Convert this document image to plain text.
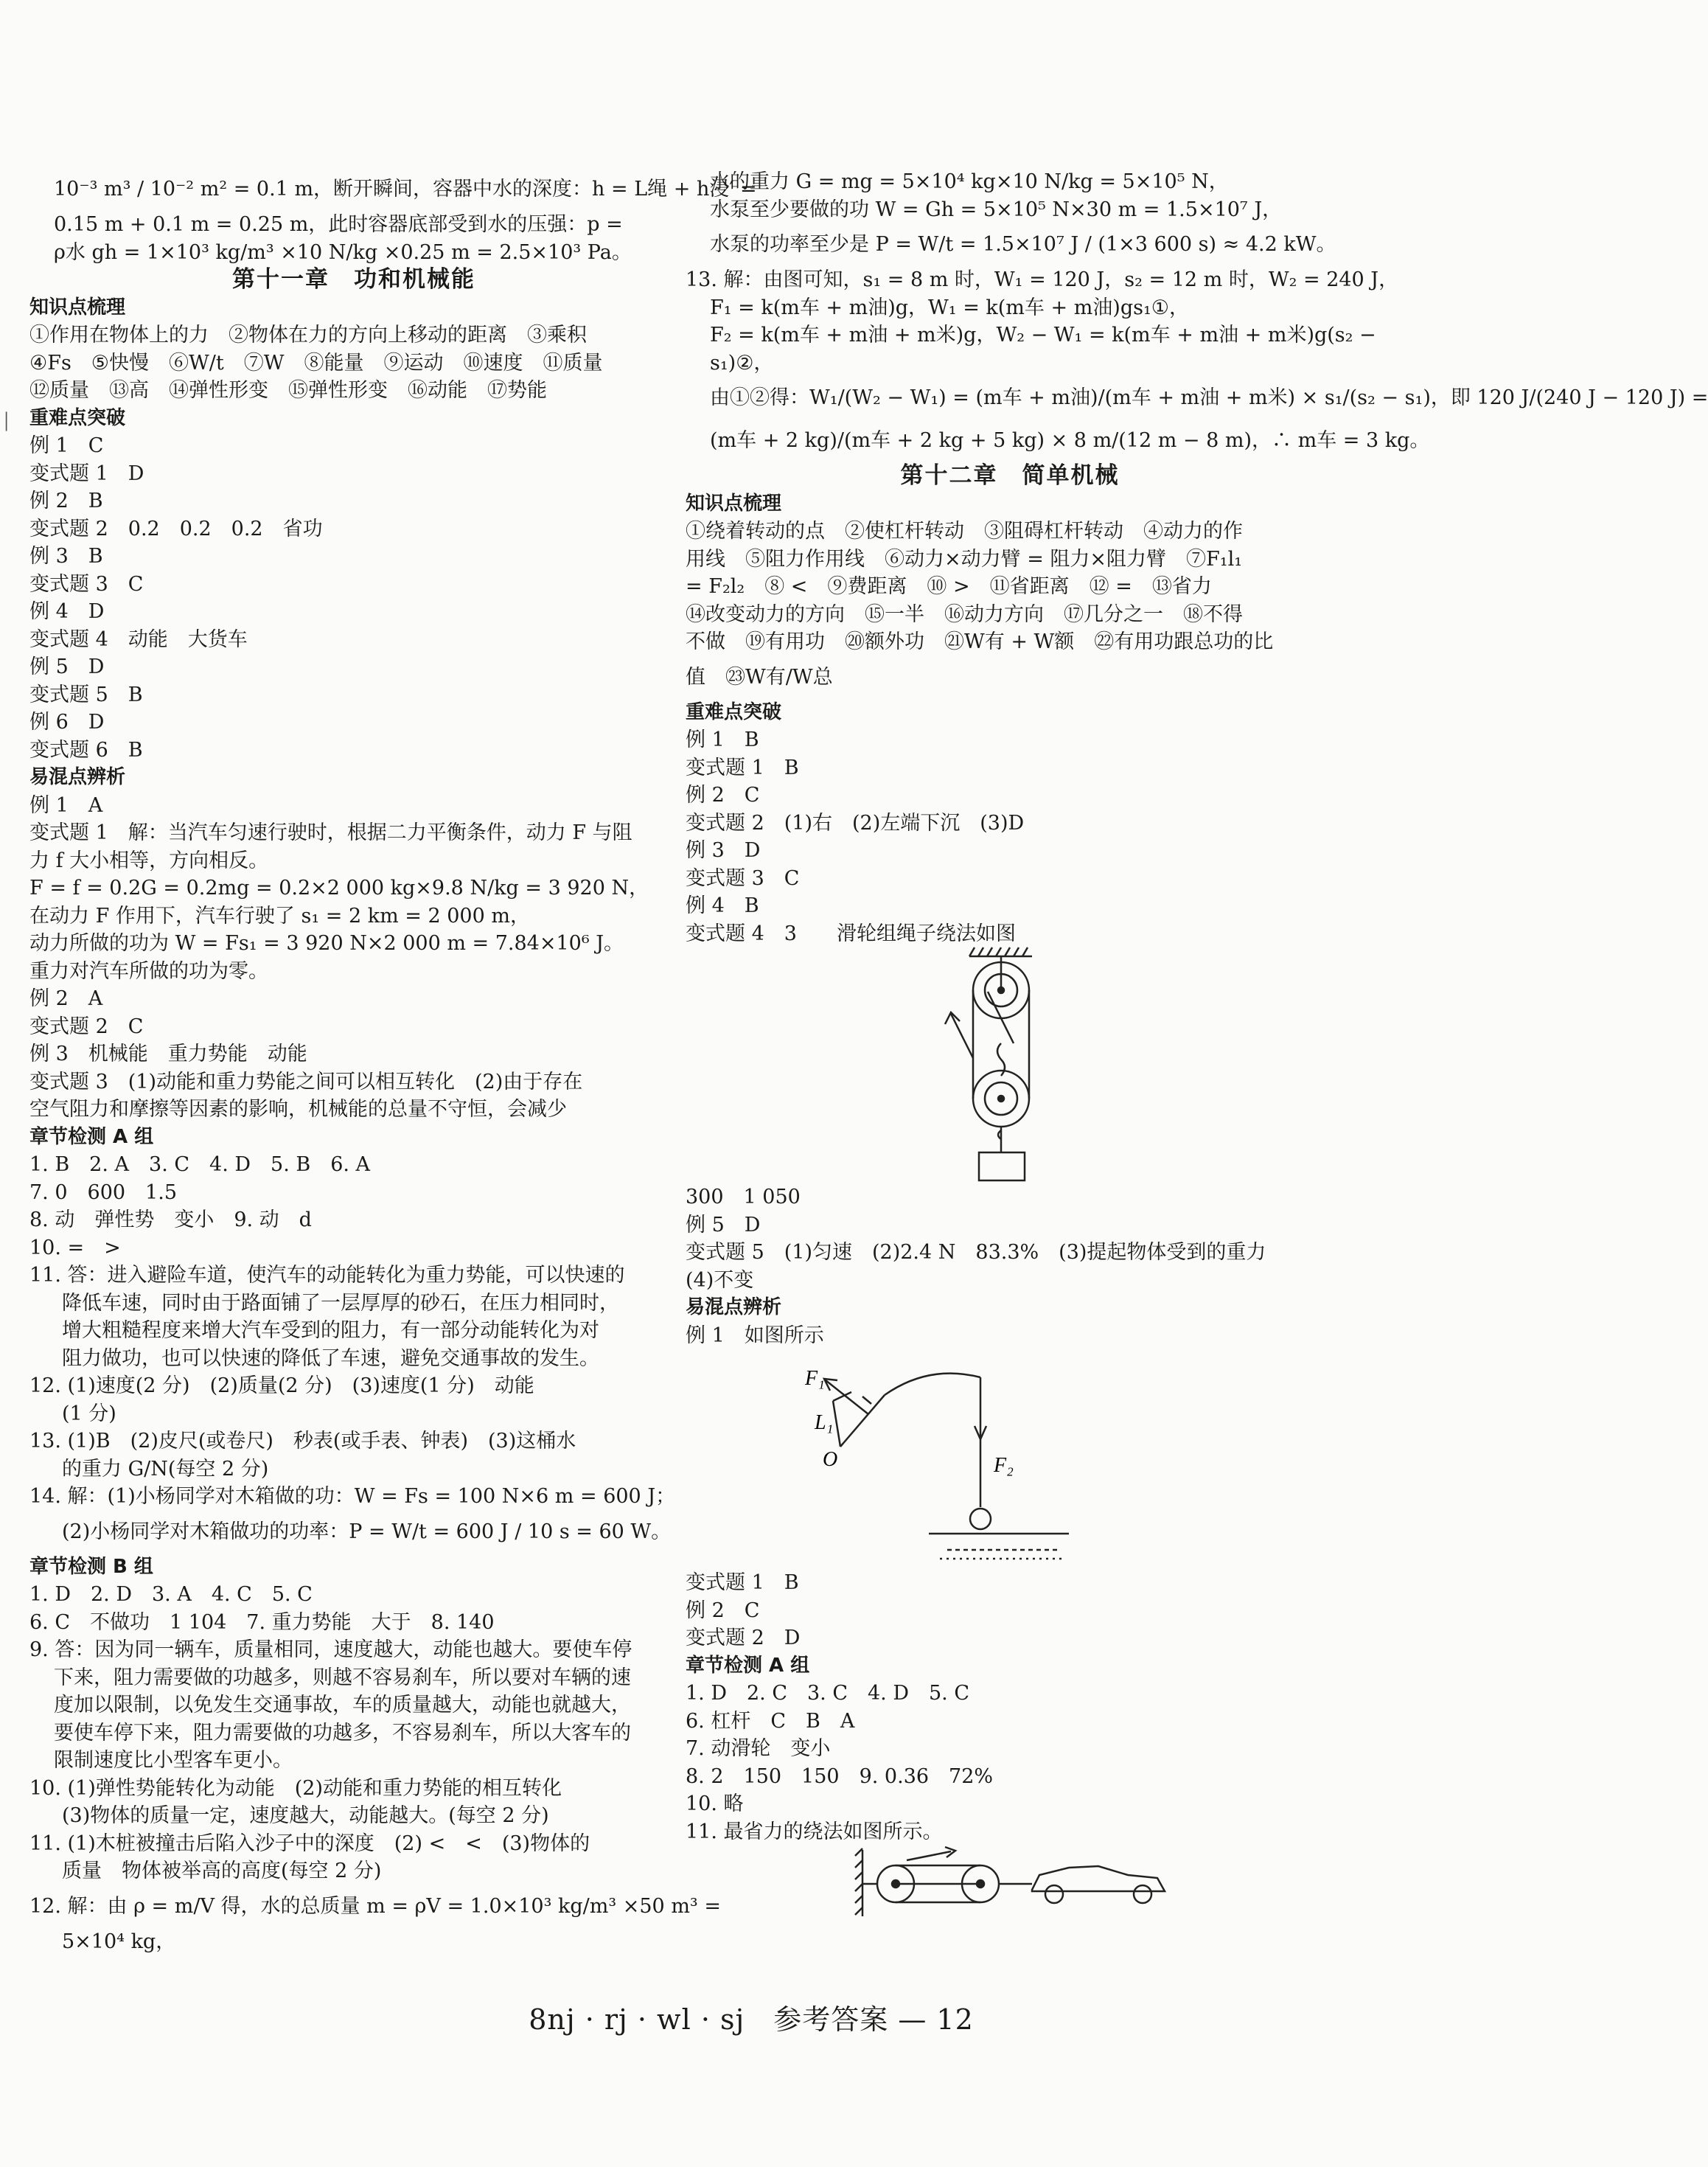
10⁻³ m³ / 10⁻² m² = 0.1 m，断开瞬间，容器中水的深度：h = L绳 + h浸′ =
0.15 m + 0.1 m = 0.25 m，此时容器底部受到水的压强：p =
ρ水 gh = 1×10³ kg/m³ ×10 N/kg ×0.25 m = 2.5×10³ Pa。
第十一章　功和机械能
知识点梳理
①作用在物体上的力　②物体在力的方向上移动的距离　③乘积
④Fs　⑤快慢　⑥W/t　⑦W　⑧能量　⑨运动　⑩速度　⑪质量
⑫质量　⑬高　⑭弹性形变　⑮弹性形变　⑯动能　⑰势能
重难点突破
例 1　C
变式题 1　D
例 2　B
变式题 2　0.2　0.2　0.2　省功
例 3　B
变式题 3　C
例 4　D
变式题 4　动能　大货车
例 5　D
变式题 5　B
例 6　D
变式题 6　B
易混点辨析
例 1　A
变式题 1　解：当汽车匀速行驶时，根据二力平衡条件，动力 F 与阻
力 f 大小相等，方向相反。
F = f = 0.2G = 0.2mg = 0.2×2 000 kg×9.8 N/kg = 3 920 N，
在动力 F 作用下，汽车行驶了 s₁ = 2 km = 2 000 m，
动力所做的功为 W = Fs₁ = 3 920 N×2 000 m = 7.84×10⁶ J。
重力对汽车所做的功为零。
例 2　A
变式题 2　C
例 3　机械能　重力势能　动能
变式题 3　(1)动能和重力势能之间可以相互转化　(2)由于存在
空气阻力和摩擦等因素的影响，机械能的总量不守恒，会减少
章节检测 A 组
1. B　2. A　3. C　4. D　5. B　6. A
7. 0　600　1.5
8. 动　弹性势　变小　9. 动　d
10. =　>
11. 答：进入避险车道，使汽车的动能转化为重力势能，可以快速的
降低车速，同时由于路面铺了一层厚厚的砂石，在压力相同时，
增大粗糙程度来增大汽车受到的阻力，有一部分动能转化为对
阻力做功，也可以快速的降低了车速，避免交通事故的发生。
12. (1)速度(2 分)　(2)质量(2 分)　(3)速度(1 分)　动能
(1 分)
13. (1)B　(2)皮尺(或卷尺)　秒表(或手表、钟表)　(3)这桶水
的重力 G/N(每空 2 分)
14. 解：(1)小杨同学对木箱做的功：W = Fs = 100 N×6 m = 600 J；
(2)小杨同学对木箱做功的功率：P = W/t = 600 J / 10 s = 60 W。
章节检测 B 组
1. D　2. D　3. A　4. C　5. C
6. C　不做功　1 104　7. 重力势能　大于　8. 140
9. 答：因为同一辆车，质量相同，速度越大，动能也越大。要使车停
下来，阻力需要做的功越多，则越不容易刹车，所以要对车辆的速
度加以限制，以免发生交通事故，车的质量越大，动能也就越大，
要使车停下来，阻力需要做的功越多，不容易刹车，所以大客车的
限制速度比小型客车更小。
10. (1)弹性势能转化为动能　(2)动能和重力势能的相互转化
(3)物体的质量一定，速度越大，动能越大。(每空 2 分)
11. (1)木桩被撞击后陷入沙子中的深度　(2) <　<　(3)物体的
质量　物体被举高的高度(每空 2 分)
12. 解：由 ρ = m/V 得，水的总质量 m = ρV = 1.0×10³ kg/m³ ×50 m³ =
5×10⁴ kg，
水的重力 G = mg = 5×10⁴ kg×10 N/kg = 5×10⁵ N，
水泵至少要做的功 W = Gh = 5×10⁵ N×30 m = 1.5×10⁷ J，
水泵的功率至少是 P = W/t = 1.5×10⁷ J / (1×3 600 s) ≈ 4.2 kW。
13. 解：由图可知，s₁ = 8 m 时，W₁ = 120 J，s₂ = 12 m 时，W₂ = 240 J，
F₁ = k(m车 + m油)g，W₁ = k(m车 + m油)gs₁①，
F₂ = k(m车 + m油 + m米)g，W₂ − W₁ = k(m车 + m油 + m米)g(s₂ −
s₁)②，
由①②得：W₁/(W₂ − W₁) = (m车 + m油)/(m车 + m油 + m米) × s₁/(s₂ − s₁)，即 120 J/(240 J − 120 J) =
(m车 + 2 kg)/(m车 + 2 kg + 5 kg) × 8 m/(12 m − 8 m)，∴ m车 = 3 kg。
第十二章　简单机械
知识点梳理
①绕着转动的点　②使杠杆转动　③阻碍杠杆转动　④动力的作
用线　⑤阻力作用线　⑥动力×动力臂 = 阻力×阻力臂　⑦F₁l₁
= F₂l₂　⑧ <　⑨费距离　⑩ >　⑪省距离　⑫ =　⑬省力
⑭改变动力的方向　⑮一半　⑯动力方向　⑰几分之一　⑱不得
不做　⑲有用功　⑳额外功　㉑W有 + W额　㉒有用功跟总功的比
值　㉓W有/W总
重难点突破
例 1　B
变式题 1　B
例 2　C
变式题 2　(1)右　(2)左端下沉　(3)D
例 3　D
变式题 3　C
例 4　B
变式题 4　3　　滑轮组绳子绕法如图
300　1 050
例 5　D
变式题 5　(1)匀速　(2)2.4 N　83.3%　(3)提起物体受到的重力
(4)不变
易混点辨析
例 1　如图所示
F₁
L₁
O	F₂
变式题 1　B
例 2　C
变式题 2　D
章节检测 A 组
1. D　2. C　3. C　4. D　5. C
6. 杠杆　C　B　A
7. 动滑轮　变小
8. 2　150　150　9. 0.36　72%
10. 略
11. 最省力的绕法如图所示。
│
8nj · rj · wl · sj　参考答案 — 12
